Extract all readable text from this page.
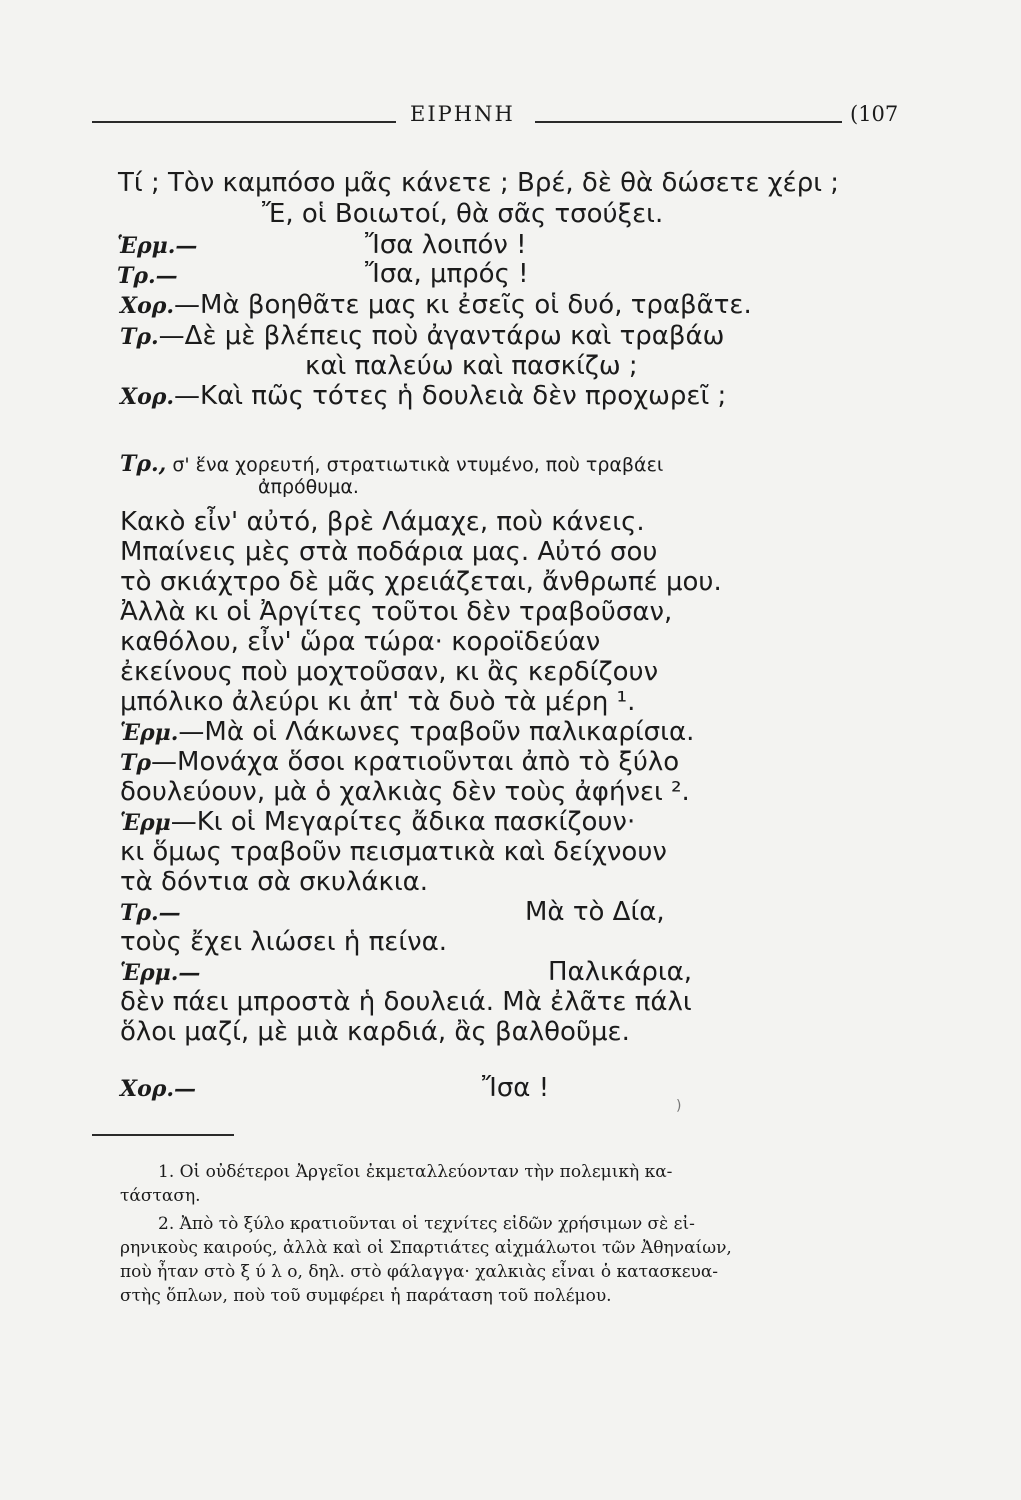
ΕΙΡΗΝΗ	(107
Τί ; Τὸν καμπόσο μᾶς κάνετε ; Βρέ, δὲ θὰ δώσετε χέρι ;
Ἔ, οἱ Βοιωτοί, θὰ σᾶς τσούξει.
Ἑρμ.—	Ἴσα λοιπόν !
Τρ.—	Ἴσα, μπρός !
Χορ.—Μὰ βοηθᾶτε μας κι ἐσεῖς οἱ δυό, τραβᾶτε.
Τρ.—Δὲ μὲ βλέπεις ποὺ ἀγαντάρω καὶ τραβάω
καὶ παλεύω καὶ πασκίζω ;
Χορ.—Καὶ πῶς τότες ἡ δουλειὰ δὲν προχωρεῖ ;
Τρ., σ' ἕνα χορευτή, στρατιωτικὰ ντυμένο, ποὺ τραβάει
ἀπρόθυμα.
Κακὸ εἶν' αὐτό, βρὲ Λάμαχε, ποὺ κάνεις.
Μπαίνεις μὲς στὰ ποδάρια μας. Αὐτό σου
τὸ σκιάχτρο δὲ μᾶς χρειάζεται, ἄνθρωπέ μου.
Ἀλλὰ κι οἱ Ἀργίτες τοῦτοι δὲν τραβοῦσαν,
καθόλου, εἶν' ὥρα τώρα· κοροϊδεύαν
ἐκείνους ποὺ μοχτοῦσαν, κι ἂς κερδίζουν
μπόλικο ἀλεύρι κι ἀπ' τὰ δυὸ τὰ μέρη ¹.
Ἑρμ.—Μὰ οἱ Λάκωνες τραβοῦν παλικαρίσια.
Τρ—Μονάχα ὅσοι κρατιοῦνται ἀπὸ τὸ ξύλο
δουλεύουν, μὰ ὁ χαλκιὰς δὲν τοὺς ἀφήνει ².
Ἑρμ—Κι οἱ Μεγαρίτες ἄδικα πασκίζουν·
κι ὅμως τραβοῦν πεισματικὰ καὶ δείχνουν
τὰ δόντια σὰ σκυλάκια.
Τρ.—	Μὰ τὸ Δία,
τοὺς ἔχει λιώσει ἡ πείνα.
Ἑρμ.—	Παλικάρια,
δὲν πάει μπροστὰ ἡ δουλειά. Μὰ ἐλᾶτε πάλι
ὅλοι μαζί, μὲ μιὰ καρδιά, ἂς βαλθοῦμε.
Χορ.—	Ἴσα !
)
1. Οἱ οὐδέτεροι Ἀργεῖοι ἐκμεταλλεύονταν τὴν πολεμικὴ κα-
τάσταση.
2. Ἀπὸ τὸ ξύλο κρατιοῦνται οἱ τεχνίτες εἰδῶν χρήσιμων σὲ εἰ-
ρηνικοὺς καιρούς, ἀλλὰ καὶ οἱ Σπαρτιάτες αἰχμάλωτοι τῶν Ἀθηναίων,
ποὺ ἦταν στὸ ξ ύ λ ο, δηλ. στὸ φάλαγγα· χαλκιὰς εἶναι ὁ κατασκευα-
στὴς ὅπλων, ποὺ τοῦ συμφέρει ἡ παράταση τοῦ πολέμου.
